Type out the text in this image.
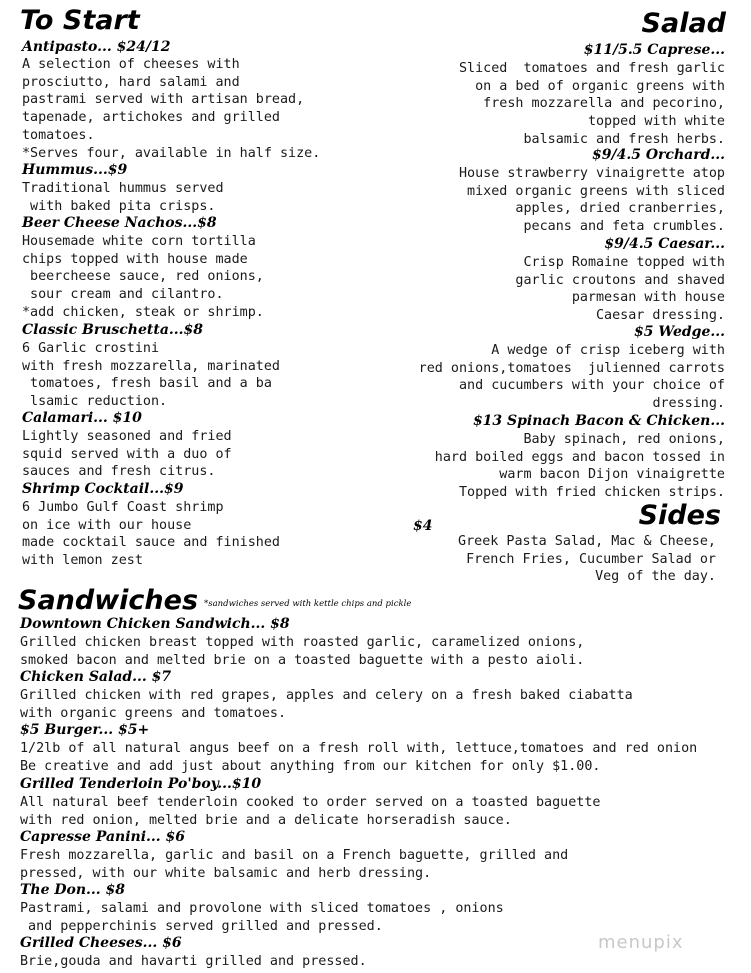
To Start
Antipasto... $24/12
A selection of cheeses with
prosciutto, hard salami and
pastrami served with artisan bread,
tapenade, artichokes and grilled
tomatoes.
*Serves four, available in half size.
Hummus...$9
Traditional hummus served
with baked pita crisps.
Beer Cheese Nachos...$8
Housemade white corn tortilla
chips topped with house made
beercheese sauce, red onions,
sour cream and cilantro.
*add chicken, steak or shrimp.
Classic Bruschetta...$8
6 Garlic crostini
with fresh mozzarella, marinated
tomatoes, fresh basil and a ba
lsamic reduction.
Calamari... $10
Lightly seasoned and fried
squid served with a duo of
sauces and fresh citrus.
Shrimp Cocktail...$9
6 Jumbo Gulf Coast shrimp
on ice with our house
made cocktail sauce and finished
with lemon zest
Salad
$11/5.5 Caprese...
Sliced  tomatoes and fresh garlic
on a bed of organic greens with
fresh mozzarella and pecorino,
topped with white
balsamic and fresh herbs.
$9/4.5 Orchard...
House strawberry vinaigrette atop
mixed organic greens with sliced
apples, dried cranberries,
pecans and feta crumbles.
$9/4.5 Caesar...
Crisp Romaine topped with
garlic croutons and shaved
parmesan with house
Caesar dressing.
$5 Wedge...
A wedge of crisp iceberg with
red onions,tomatoes  julienned carrots
and cucumbers with your choice of
dressing.
$13 Spinach Bacon & Chicken...
Baby spinach, red onions,
hard boiled eggs and bacon tossed in
warm bacon Dijon vinaigrette
Topped with fried chicken strips.
Sides
$4
Greek Pasta Salad, Mac & Cheese,
French Fries, Cucumber Salad or
Veg of the day.
Sandwiches *sandwiches served with kettle chips and pickle
Downtown Chicken Sandwich... $8
Grilled chicken breast topped with roasted garlic, caramelized onions,
smoked bacon and melted brie on a toasted baguette with a pesto aioli.
Chicken Salad... $7
Grilled chicken with red grapes, apples and celery on a fresh baked ciabatta
with organic greens and tomatoes.
$5 Burger... $5+
1/2lb of all natural angus beef on a fresh roll with, lettuce,tomatoes and red onion
Be creative and add just about anything from our kitchen for only $1.00.
Grilled Tenderloin Po'boy...$10
All natural beef tenderloin cooked to order served on a toasted baguette
with red onion, melted brie and a delicate horseradish sauce.
Capresse Panini... $6
Fresh mozzarella, garlic and basil on a French baguette, grilled and
pressed, with our white balsamic and herb dressing.
The Don... $8
Pastrami, salami and provolone with sliced tomatoes , onions
and pepperchinis served grilled and pressed.
Grilled Cheeses... $6
Brie,gouda and havarti grilled and pressed.
menupix
